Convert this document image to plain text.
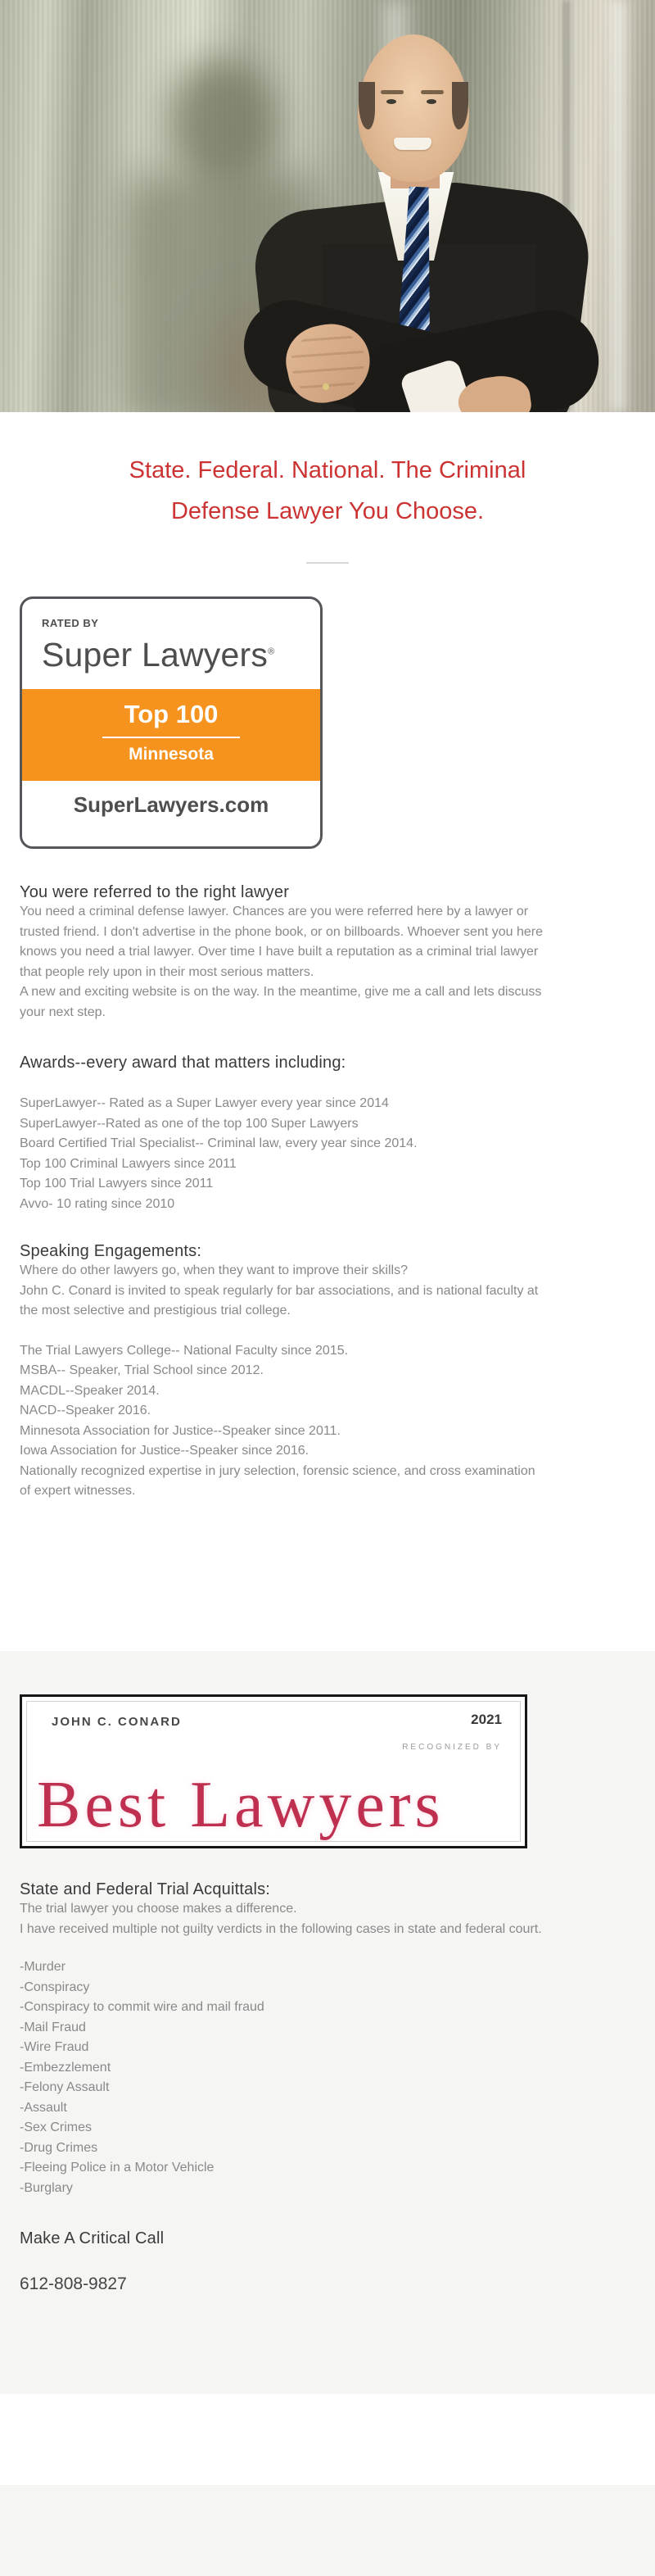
State. Federal. National. The Criminal
Defense Lawyer You Choose.
RATED BY
Super Lawyers®
Top 100
Minnesota
SuperLawyers.com
You were referred to the right lawyer

You need a criminal defense lawyer. Chances are you were referred here by a lawyer or trusted friend. I don't advertise in the phone book, or on billboards. Whoever sent you here knows you need a trial lawyer. Over time I have built a reputation as a criminal trial lawyer that people rely upon in their most serious matters.

A new and exciting website is on the way. In the meantime, give me a call and lets discuss your next step.

Awards--every award that matters including:
SuperLawyer-- Rated as a Super Lawyer every year since 2014
SuperLawyer--Rated as one of the top 100 Super Lawyers
Board Certified Trial Specialist-- Criminal law, every year since 2014.
Top 100 Criminal Lawyers since 2011
Top 100 Trial Lawyers since 2011
Avvo- 10 rating since 2010
Speaking Engagements:

Where do other lawyers go, when they want to improve their skills?

John C. Conard is invited to speak regularly for bar associations, and is national faculty at the most selective and prestigious trial college.

The Trial Lawyers College-- National Faculty since 2015.
MSBA-- Speaker, Trial School since 2012.
MACDL--Speaker 2014.
NACD--Speaker 2016.
Minnesota Association for Justice--Speaker since 2011.
Iowa Association for Justice--Speaker since 2016.

Nationally recognized expertise in jury selection, forensic science, and cross examination of expert witnesses.

JOHN C. CONARD	2021
RECOGNIZED BY
Best Lawyers
State and Federal Trial Acquittals:

The trial lawyer you choose makes a difference.

I have received multiple not guilty verdicts in the following cases in state and federal court.

-Murder
-Conspiracy
-Conspiracy to commit wire and mail fraud
-Mail Fraud
-Wire Fraud
-Embezzlement
-Felony Assault
-Assault
-Sex Crimes
-Drug Crimes
-Fleeing Police in a Motor Vehicle
-Burglary
Make A Critical Call
612-808-9827
